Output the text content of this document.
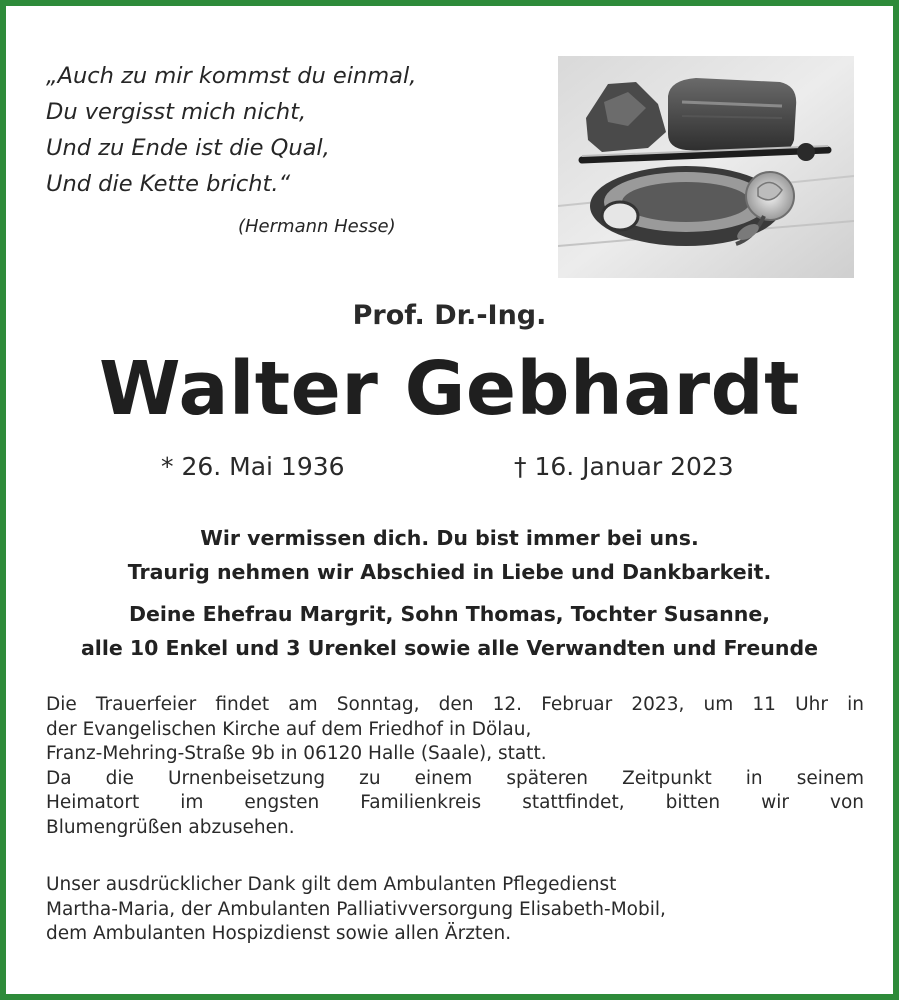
„Auch zu mir kommst du einmal,
Du vergisst mich nicht,
Und zu Ende ist die Qual,
Und die Kette bricht.“
(Hermann Hesse)
Prof. Dr.-Ing.
Walter Gebhardt
* 26. Mai 1936	† 16. Januar 2023
Wir vermissen dich. Du bist immer bei uns.
Traurig nehmen wir Abschied in Liebe und Dankbarkeit.
Deine Ehefrau Margrit, Sohn Thomas, Tochter Susanne,
alle 10 Enkel und 3 Urenkel sowie alle Verwandten und Freunde
Die Trauerfeier findet am Sonntag, den 12. Februar 2023, um 11 Uhr in
der Evangelischen Kirche auf dem Friedhof in Dölau,
Franz-Mehring-Straße 9b in 06120 Halle (Saale), statt.
Da die Urnenbeisetzung zu einem späteren Zeitpunkt in seinem
Heimatort im engsten Familienkreis stattfindet, bitten wir von
Blumengrüßen abzusehen.
Unser ausdrücklicher Dank gilt dem Ambulanten Pflegedienst
Martha-Maria, der Ambulanten Palliativversorgung Elisabeth-Mobil,
dem Ambulanten Hospizdienst sowie allen Ärzten.
